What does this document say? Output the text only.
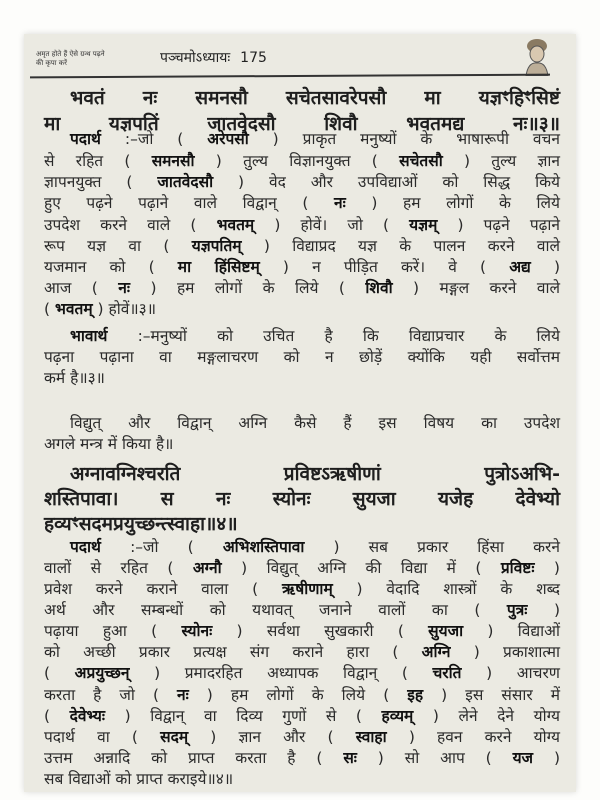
अमृत होते हैं ऐसे ग्रन्थ पढ़ने की कृपा करें	पञ्चमोऽध्यायः 175
भवतं नः समनसौ सचेतसावरेपसौ मा यज्ञꣳहिꣳसिष्टं
मा यज्ञपतिं जातवेदसौ शिवौ भवतमद्य नः॥३॥
पदार्थ :–जो ( अरेपसौ ) प्राकृत मनुष्यों के भाषारूपी वचन
से रहित ( समनसौ ) तुल्य विज्ञानयुक्त ( सचेतसौ ) तुल्य ज्ञान
ज्ञापनयुक्त ( जातवेदसौ ) वेद और उपविद्याओं को सिद्ध किये
हुए पढ़ने पढ़ाने वाले विद्वान् ( नः ) हम लोगों के लिये
उपदेश करने वाले ( भवतम् ) होवें। जो ( यज्ञम् ) पढ़ने पढ़ाने
रूप यज्ञ वा ( यज्ञपतिम् ) विद्याप्रद यज्ञ के पालन करने वाले
यजमान को ( मा हिंसिष्टम् ) न पीड़ित करें। वे ( अद्य )
आज ( नः ) हम लोगों के लिये ( शिवौ ) मङ्गल करने वाले
( भवतम् ) होवें॥३॥
भावार्थ :–मनुष्यों को उचित है कि विद्याप्रचार के लिये
पढ़ना पढ़ाना वा मङ्गलाचरण को न छोड़ें क्योंकि यही सर्वोत्तम
कर्म है॥३॥
विद्युत् और विद्वान् अग्नि कैसे हैं इस विषय का उपदेश
अगले मन्त्र में किया है॥
अग्नावग्निश्चरति प्रविष्टऽऋषीणां पुत्रोऽअभि-
शस्तिपावा। स नः स्योनः सुयजा यजेह देवेभ्यो
हव्यꣳसदमप्रयुच्छन्त्स्वाहा॥४॥
पदार्थ :–जो ( अभिशस्तिपावा ) सब प्रकार हिंसा करने
वालों से रहित ( अग्नौ ) विद्युत् अग्नि की विद्या में ( प्रविष्टः )
प्रवेश करने कराने वाला ( ऋषीणाम् ) वेदादि शास्त्रों के शब्द
अर्थ और सम्बन्धों को यथावत् जनाने वालों का ( पुत्रः )
पढ़ाया हुआ ( स्योनः ) सर्वथा सुखकारी ( सुयजा ) विद्याओं
को अच्छी प्रकार प्रत्यक्ष संग कराने हारा ( अग्नि ) प्रकाशात्मा
( अप्रयुच्छन् ) प्रमादरहित अध्यापक विद्वान् ( चरति ) आचरण
करता है जो ( नः ) हम लोगों के लिये ( इह ) इस संसार में
( देवेभ्यः ) विद्वान् वा दिव्य गुणों से ( हव्यम् ) लेने देने योग्य
पदार्थ वा ( सदम् ) ज्ञान और ( स्वाहा ) हवन करने योग्य
उत्तम अन्नादि को प्राप्त करता है ( सः ) सो आप ( यज )
सब विद्याओं को प्राप्त कराइये॥४॥
